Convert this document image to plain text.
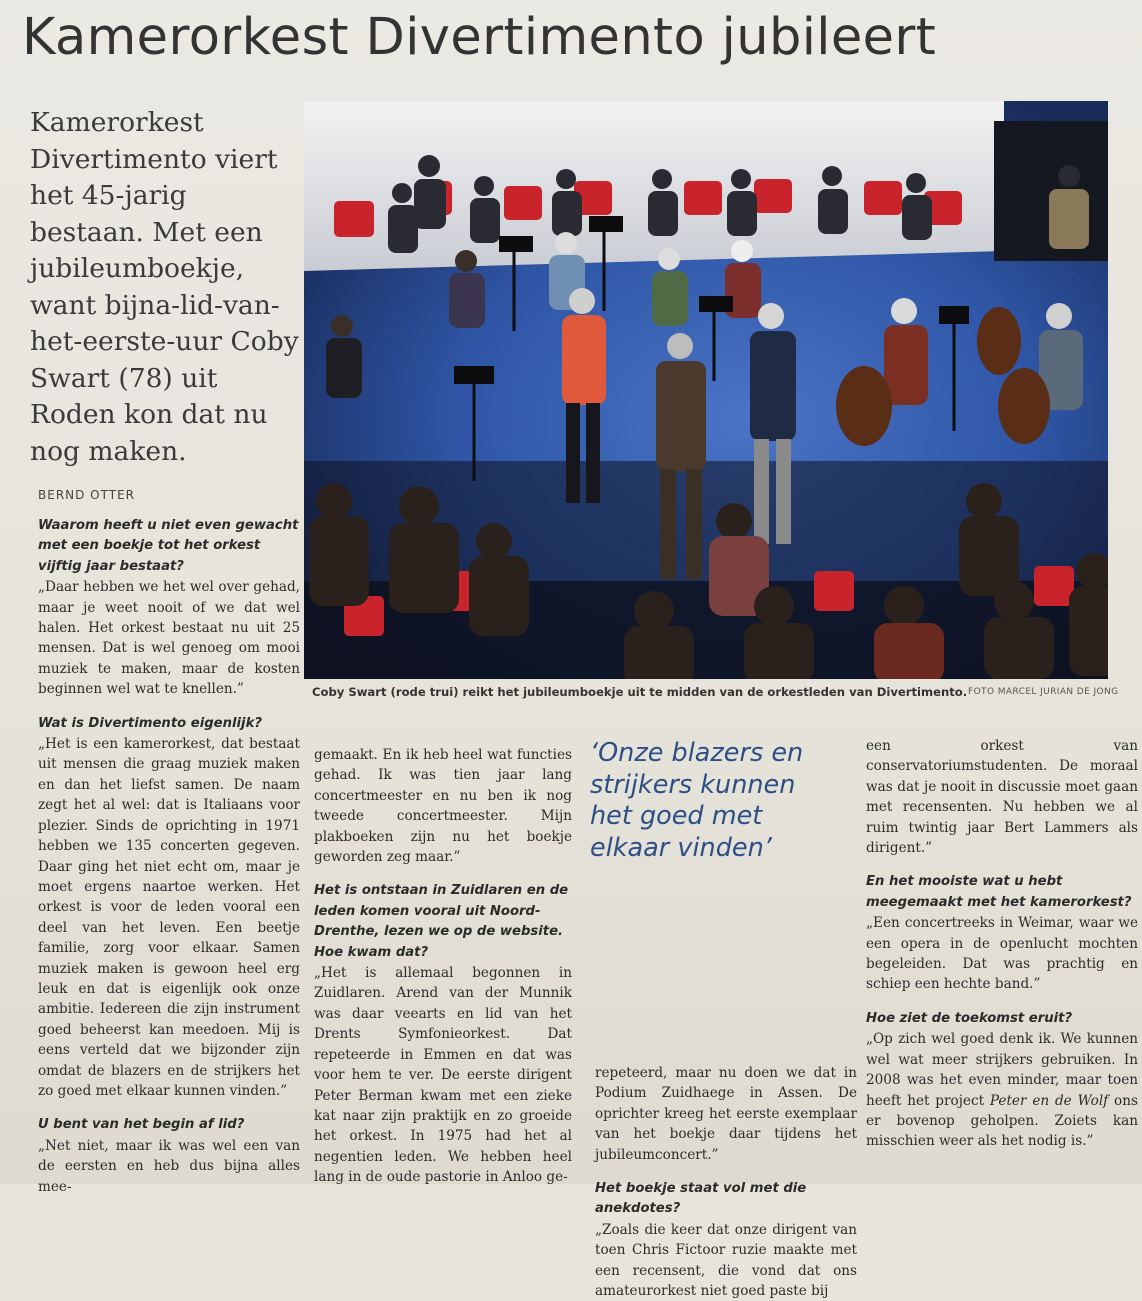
Kamerorkest Divertimento jubileert

Kamerorkest Divertimento viert het 45-jarig bestaan. Met een jubileumboekje, want bijna-lid-van-het-eerste-uur Coby Swart (78) uit Roden kon dat nu nog maken.

BERND OTTER
Coby Swart (rode trui) reikt het jubileumboekje uit te midden van de orkestleden van Divertimento. FOTO MARCEL JURIAN DE JONG
Waarom heeft u niet even gewacht met een boekje tot het orkest vijftig jaar bestaat?

„Daar hebben we het wel over gehad, maar je weet nooit of we dat wel halen. Het orkest bestaat nu uit 25 mensen. Dat is wel genoeg om mooi muziek te maken, maar de kosten beginnen wel wat te knellen.”

Wat is Divertimento eigenlijk?

„Het is een kamerorkest, dat bestaat uit mensen die graag muziek maken en dan het liefst samen. De naam zegt het al wel: dat is Italiaans voor plezier. Sinds de oprichting in 1971 hebben we 135 concerten gegeven. Daar ging het niet echt om, maar je moet ergens naartoe werken. Het orkest is voor de leden vooral een deel van het leven. Een beetje familie, zorg voor elkaar. Samen muziek maken is gewoon heel erg leuk en dat is eigenlijk ook onze ambitie. Iedereen die zijn instrument goed beheerst kan meedoen. Mij is eens verteld dat we bijzonder zijn omdat de blazers en de strijkers het zo goed met elkaar kunnen vinden.”

U bent van het begin af lid?

„Net niet, maar ik was wel een van de eersten en heb dus bijna alles mee-

gemaakt. En ik heb heel wat functies gehad. Ik was tien jaar lang concertmeester en nu ben ik nog tweede concertmeester. Mijn plakboeken zijn nu het boekje geworden zeg maar.”

Het is ontstaan in Zuidlaren en de leden komen vooral uit Noord-Drenthe, lezen we op de website. Hoe kwam dat?

„Het is allemaal begonnen in Zuidlaren. Arend van der Munnik was daar veearts en lid van het Drents Symfonieorkest. Dat repeteerde in Emmen en dat was voor hem te ver. De eerste dirigent Peter Berman kwam met een zieke kat naar zijn praktijk en zo groeide het orkest. In 1975 had het al negentien leden. We hebben heel lang in de oude pastorie in Anloo ge-

‘Onze blazers en strijkers kunnen het goed met elkaar vinden’

repeteerd, maar nu doen we dat in Podium Zuidhaege in Assen. De oprichter kreeg het eerste exemplaar van het boekje daar tijdens het jubileumconcert.”

Het boekje staat vol met die anekdotes?

„Zoals die keer dat onze dirigent van toen Chris Fictoor ruzie maakte met een recensent, die vond dat ons amateurorkest niet goed paste bij

een orkest van conservatoriumstudenten. De moraal was dat je nooit in discussie moet gaan met recensenten. Nu hebben we al ruim twintig jaar Bert Lammers als dirigent.”

En het mooiste wat u hebt meegemaakt met het kamerorkest?

„Een concertreeks in Weimar, waar we een opera in de openlucht mochten begeleiden. Dat was prachtig en schiep een hechte band.”

Hoe ziet de toekomst eruit?

„Op zich wel goed denk ik. We kunnen wel wat meer strijkers gebruiken. In 2008 was het even minder, maar toen heeft het project Peter en de Wolf ons er bovenop geholpen. Zoiets kan misschien weer als het nodig is.”
